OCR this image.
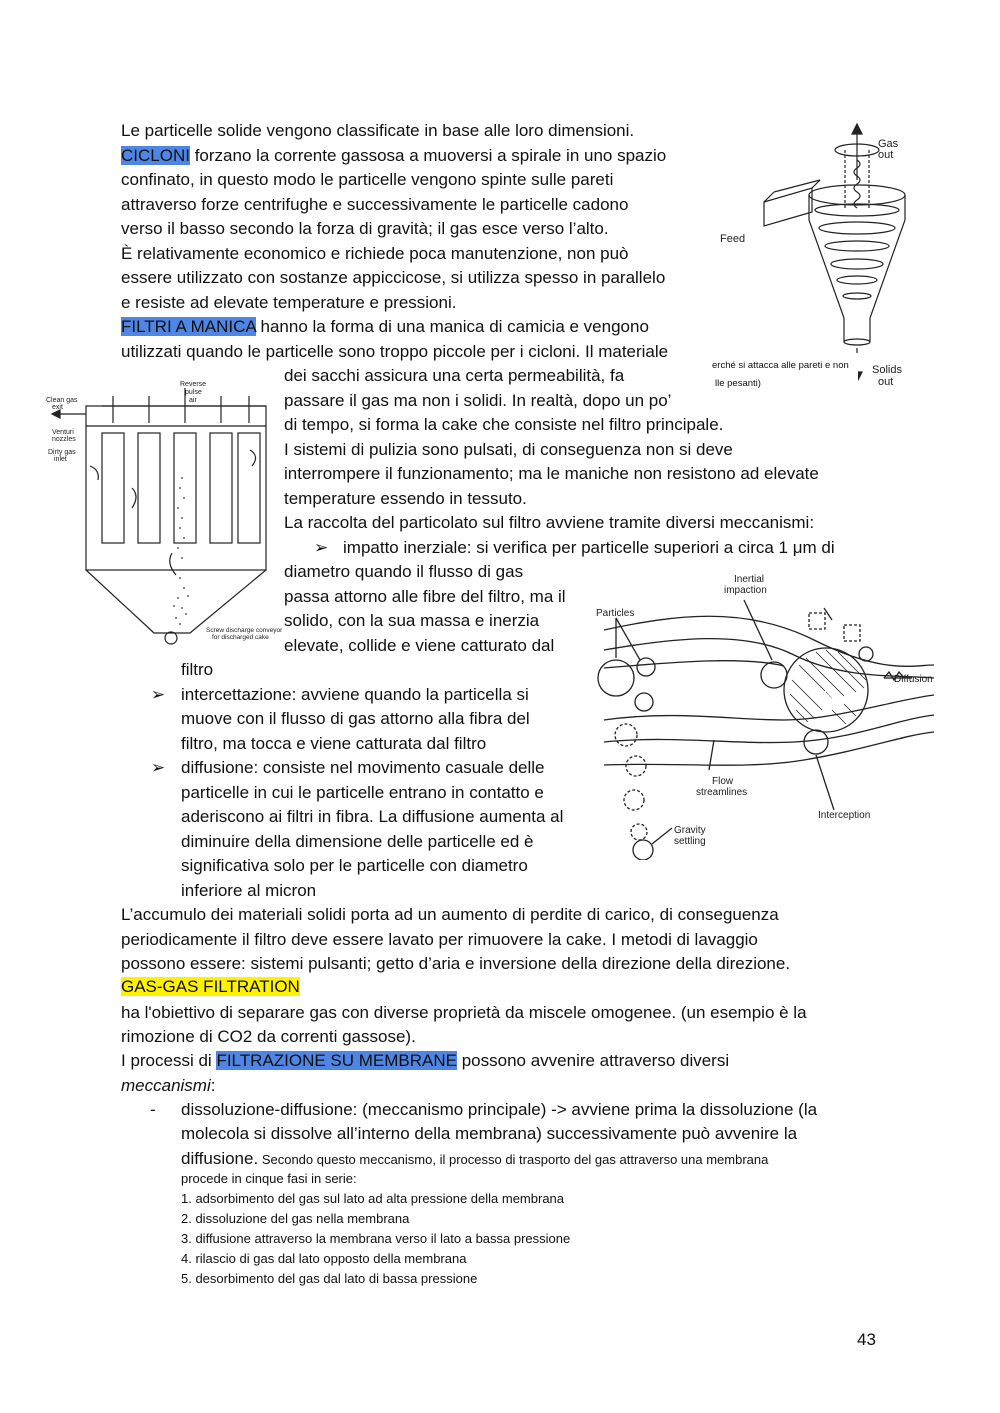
Le particelle solide vengono classificate in base alle loro dimensioni.

CICLONI forzano la corrente gassosa a muoversi a spirale in uno spazio

confinato, in questo modo le particelle vengono spinte sulle pareti

attraverso forze centrifughe e successivamente le particelle cadono

verso il basso secondo la forza di gravità; il gas esce verso l’alto.

È relativamente economico e richiede poca manutenzione, non può

essere utilizzato con sostanze appiccicose, si utilizza spesso in parallelo

e resiste ad elevate temperature e pressioni.

FILTRI A MANICA hanno la forma di una manica di camicia e vengono

utilizzati quando le particelle sono troppo piccole per i cicloni. Il materiale

dei sacchi assicura una certa permeabilità, fa

passare il gas ma non i solidi. In realtà, dopo un po’

di tempo, si forma la cake che consiste nel filtro principale.

I sistemi di pulizia sono pulsati, di conseguenza non si deve

interrompere il funzionamento; ma le maniche non resistono ad elevate

temperature essendo in tessuto.

La raccolta del particolato sul filtro avviene tramite diversi meccanismi:

➢ impatto inerziale: si verifica per particelle superiori a circa 1 μm di

diametro quando il flusso di gas

passa attorno alle fibre del filtro, ma il

solido, con la sua massa e inerzia

elevate, collide e viene catturato dal

filtro

➢ intercettazione: avviene quando la particella si

muove con il flusso di gas attorno alla fibra del

filtro, ma tocca e viene catturata dal filtro

➢ diffusione: consiste nel movimento casuale delle

particelle in cui le particelle entrano in contatto e

aderiscono ai filtri in fibra. La diffusione aumenta al

diminuire della dimensione delle particelle ed è

significativa solo per le particelle con diametro

inferiore al micron

L’accumulo dei materiali solidi porta ad un aumento di perdite di carico, di conseguenza

periodicamente il filtro deve essere lavato per rimuovere la cake. I metodi di lavaggio

possono essere: sistemi pulsanti; getto d’aria e inversione della direzione della direzione.

GAS-GAS FILTRATION

ha l'obiettivo di separare gas con diverse proprietà da miscele omogenee. (un esempio è la

rimozione di CO2 da correnti gassose).

I processi di FILTRAZIONE SU MEMBRANE possono avvenire attraverso diversi

meccanismi:

- dissoluzione-diffusione: (meccanismo principale) -> avviene prima la dissoluzione (la

molecola si dissolve all’interno della membrana) successivamente può avvenire la

diffusione. Secondo questo meccanismo, il processo di trasporto del gas attraverso una membrana

procede in cinque fasi in serie:

1. adsorbimento del gas sul lato ad alta pressione della membrana

2. dissoluzione del gas nella membrana

3. diffusione attraverso la membrana verso il lato a bassa pressione

4. rilascio di gas dal lato opposto della membrana

5. desorbimento del gas dal lato di bassa pressione

43
Gas
out
Feed
Solids
out
erché si attacca alle pareti e non
lle pesanti)
Reverse
pulse
air
Clean gas
exit
Venturi
nozzles
Dirty gas
inlet
Screw discharge conveyor
for discharged cake
Inertial
impaction
Particles
Fiber
Diffusion
Flow
streamlines
Interception
Gravity
settling
